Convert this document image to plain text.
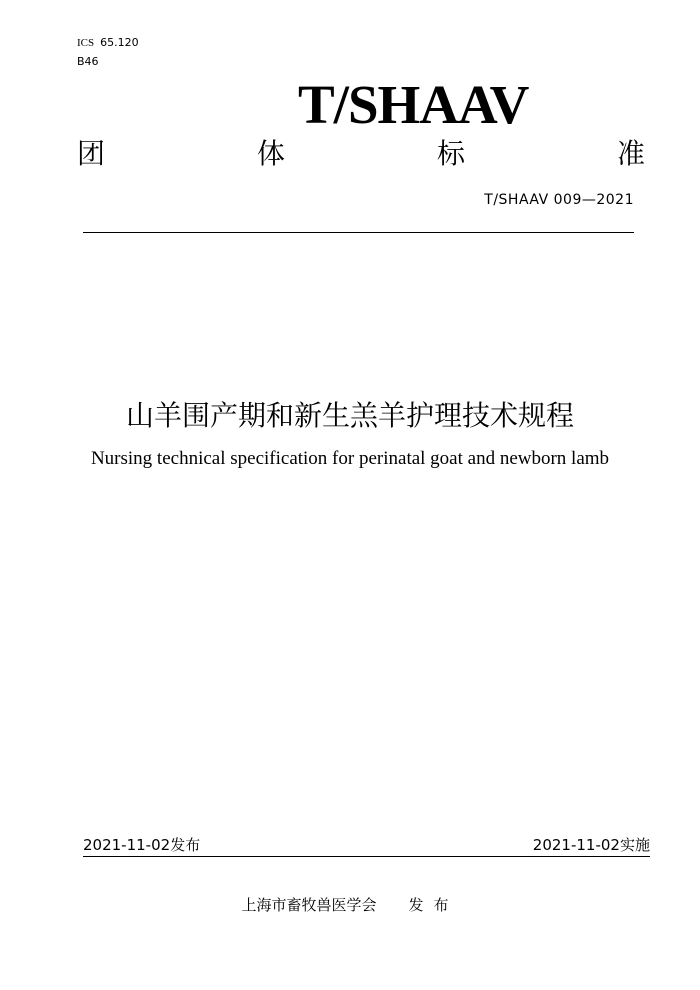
ICS 65.120
B46
T/SHAAV
团	体	标	准
T/SHAAV 009—2021
山羊围产期和新生羔羊护理技术规程
Nursing technical specification for perinatal goat and newborn lamb
2021-11-02发布	2021-11-02实施
上海市畜牧兽医学会 发布
